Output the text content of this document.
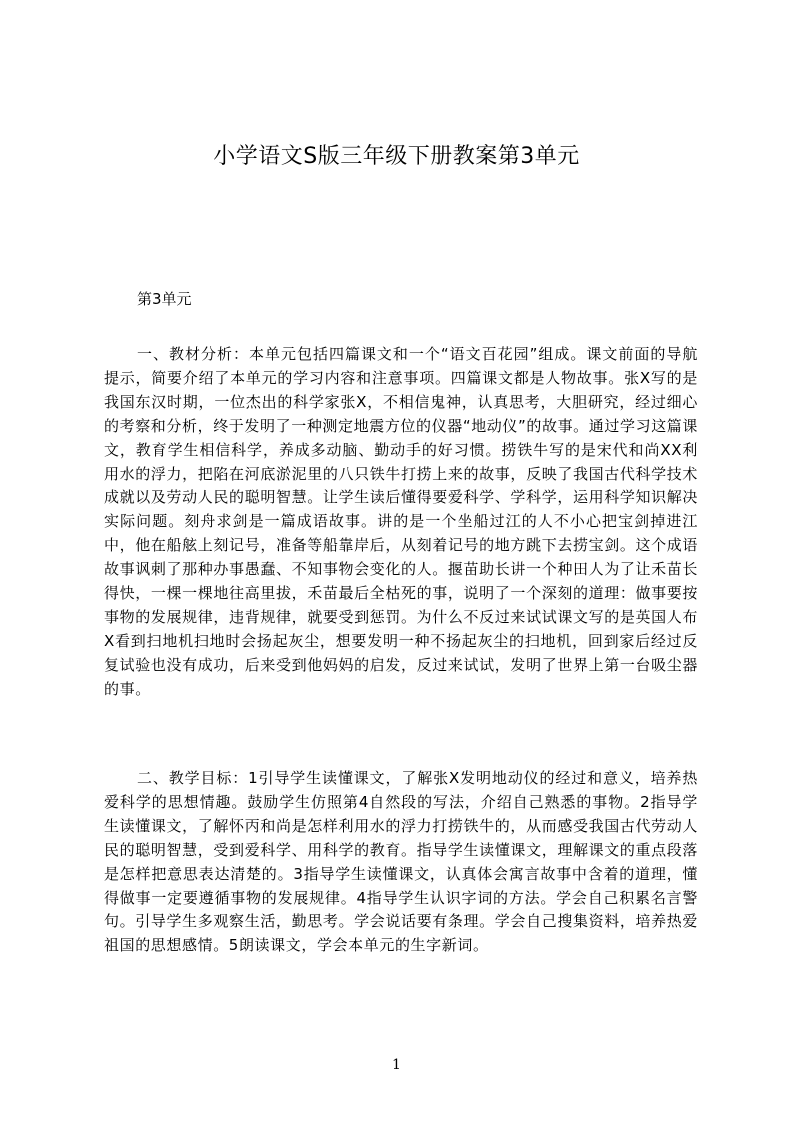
小学语文S版三年级下册教案第3单元

第3单元

一、教材分析：本单元包括四篇课文和一个“语文百花园”组成。课文前面的导航提示，简要介绍了本单元的学习内容和注意事项。四篇课文都是人物故事。张X写的是我国东汉时期，一位杰出的科学家张X，不相信鬼神，认真思考，大胆研究，经过细心的考察和分析，终于发明了一种测定地震方位的仪器“地动仪”的故事。通过学习这篇课文，教育学生相信科学，养成多动脑、勤动手的好习惯。捞铁牛写的是宋代和尚XX利用水的浮力，把陷在河底淤泥里的八只铁牛打捞上来的故事，反映了我国古代科学技术成就以及劳动人民的聪明智慧。让学生读后懂得要爱科学、学科学，运用科学知识解决实际问题。刻舟求剑是一篇成语故事。讲的是一个坐船过江的人不小心把宝剑掉进江中，他在船舷上刻记号，准备等船靠岸后，从刻着记号的地方跳下去捞宝剑。这个成语故事讽刺了那种办事愚蠢、不知事物会变化的人。揠苗助长讲一个种田人为了让禾苗长得快，一棵一棵地往高里拔，禾苗最后全枯死的事，说明了一个深刻的道理：做事要按事物的发展规律，违背规律，就要受到惩罚。为什么不反过来试试课文写的是英国人布X看到扫地机扫地时会扬起灰尘，想要发明一种不扬起灰尘的扫地机，回到家后经过反复试验也没有成功，后来受到他妈妈的启发，反过来试试，发明了世界上第一台吸尘器的事。

二、教学目标：1引导学生读懂课文，了解张X发明地动仪的经过和意义，培养热爱科学的思想情趣。鼓励学生仿照第4自然段的写法，介绍自己熟悉的事物。2指导学生读懂课文，了解怀丙和尚是怎样利用水的浮力打捞铁牛的，从而感受我国古代劳动人民的聪明智慧，受到爱科学、用科学的教育。指导学生读懂课文，理解课文的重点段落是怎样把意思表达清楚的。3指导学生读懂课文，认真体会寓言故事中含着的道理，懂得做事一定要遵循事物的发展规律。4指导学生认识字词的方法。学会自己积累名言警句。引导学生多观察生活，勤思考。学会说话要有条理。学会自己搜集资料，培养热爱祖国的思想感情。5朗读课文，学会本单元的生字新词。

1
